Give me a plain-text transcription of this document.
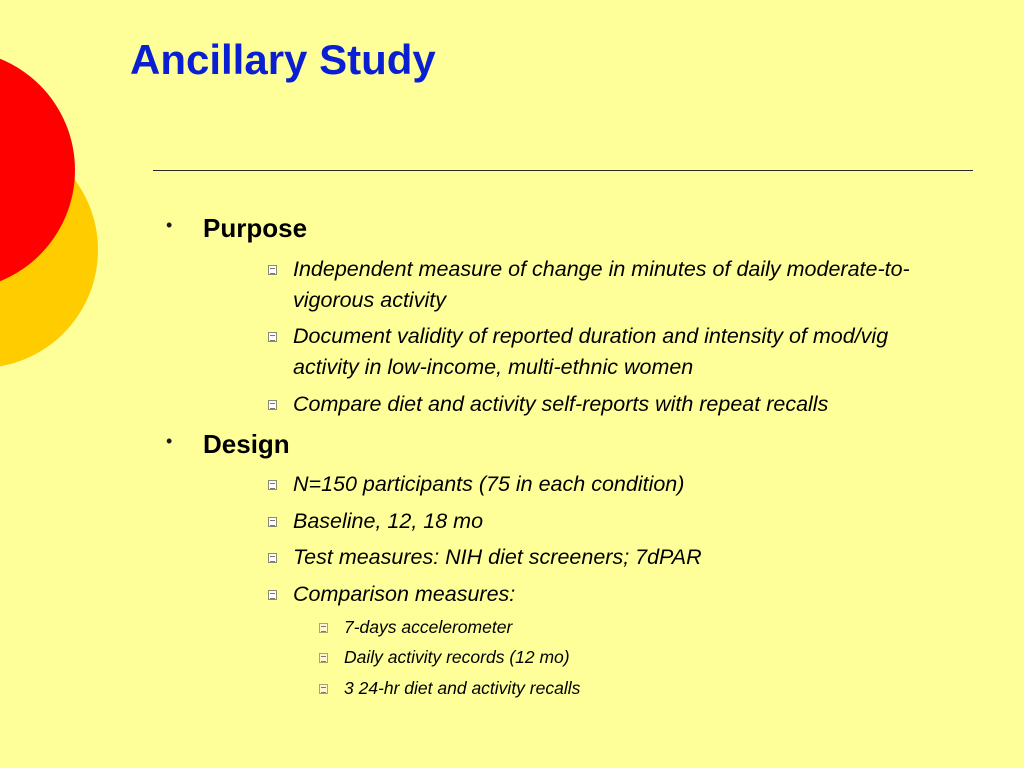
Ancillary Study
• Purpose
Independent measure of change in minutes of daily moderate-to-vigorous activity
Document validity of reported duration and intensity of mod/vig activity in low-income, multi-ethnic women
Compare diet and activity self-reports with repeat recalls
• Design
N=150 participants (75 in each condition)
Baseline, 12, 18 mo
Test measures: NIH diet screeners; 7dPAR
Comparison measures:
7-days accelerometer
Daily activity records (12 mo)
3 24-hr diet and activity recalls
